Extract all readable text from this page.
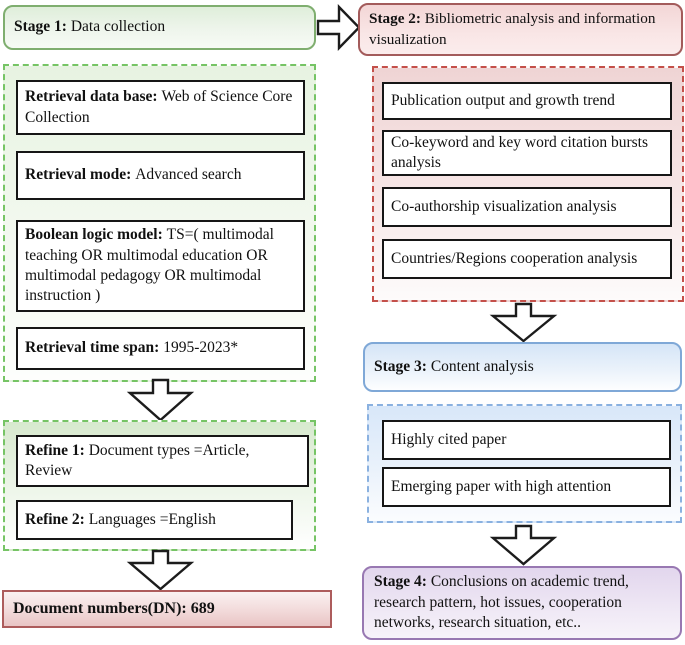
Stage 1: Data collection
Retrieval data base: Web of Science Core Collection
Retrieval mode: Advanced search
Boolean logic model: TS=( multimodal teaching OR multimodal education OR multimodal pedagogy OR multimodal instruction )
Retrieval time span: 1995-2023*
Refine 1: Document types =Article, Review
Refine 2: Languages =English
Document numbers(DN): 689
Stage 2: Bibliometric analysis and information visualization
Publication output and growth trend
Co-keyword and key word citation bursts analysis
Co-authorship visualization analysis
Countries/Regions cooperation analysis
Stage 3: Content analysis
Highly cited paper
Emerging paper with high attention
Stage 4: Conclusions on academic trend, research pattern, hot issues, cooperation networks, research situation, etc..
